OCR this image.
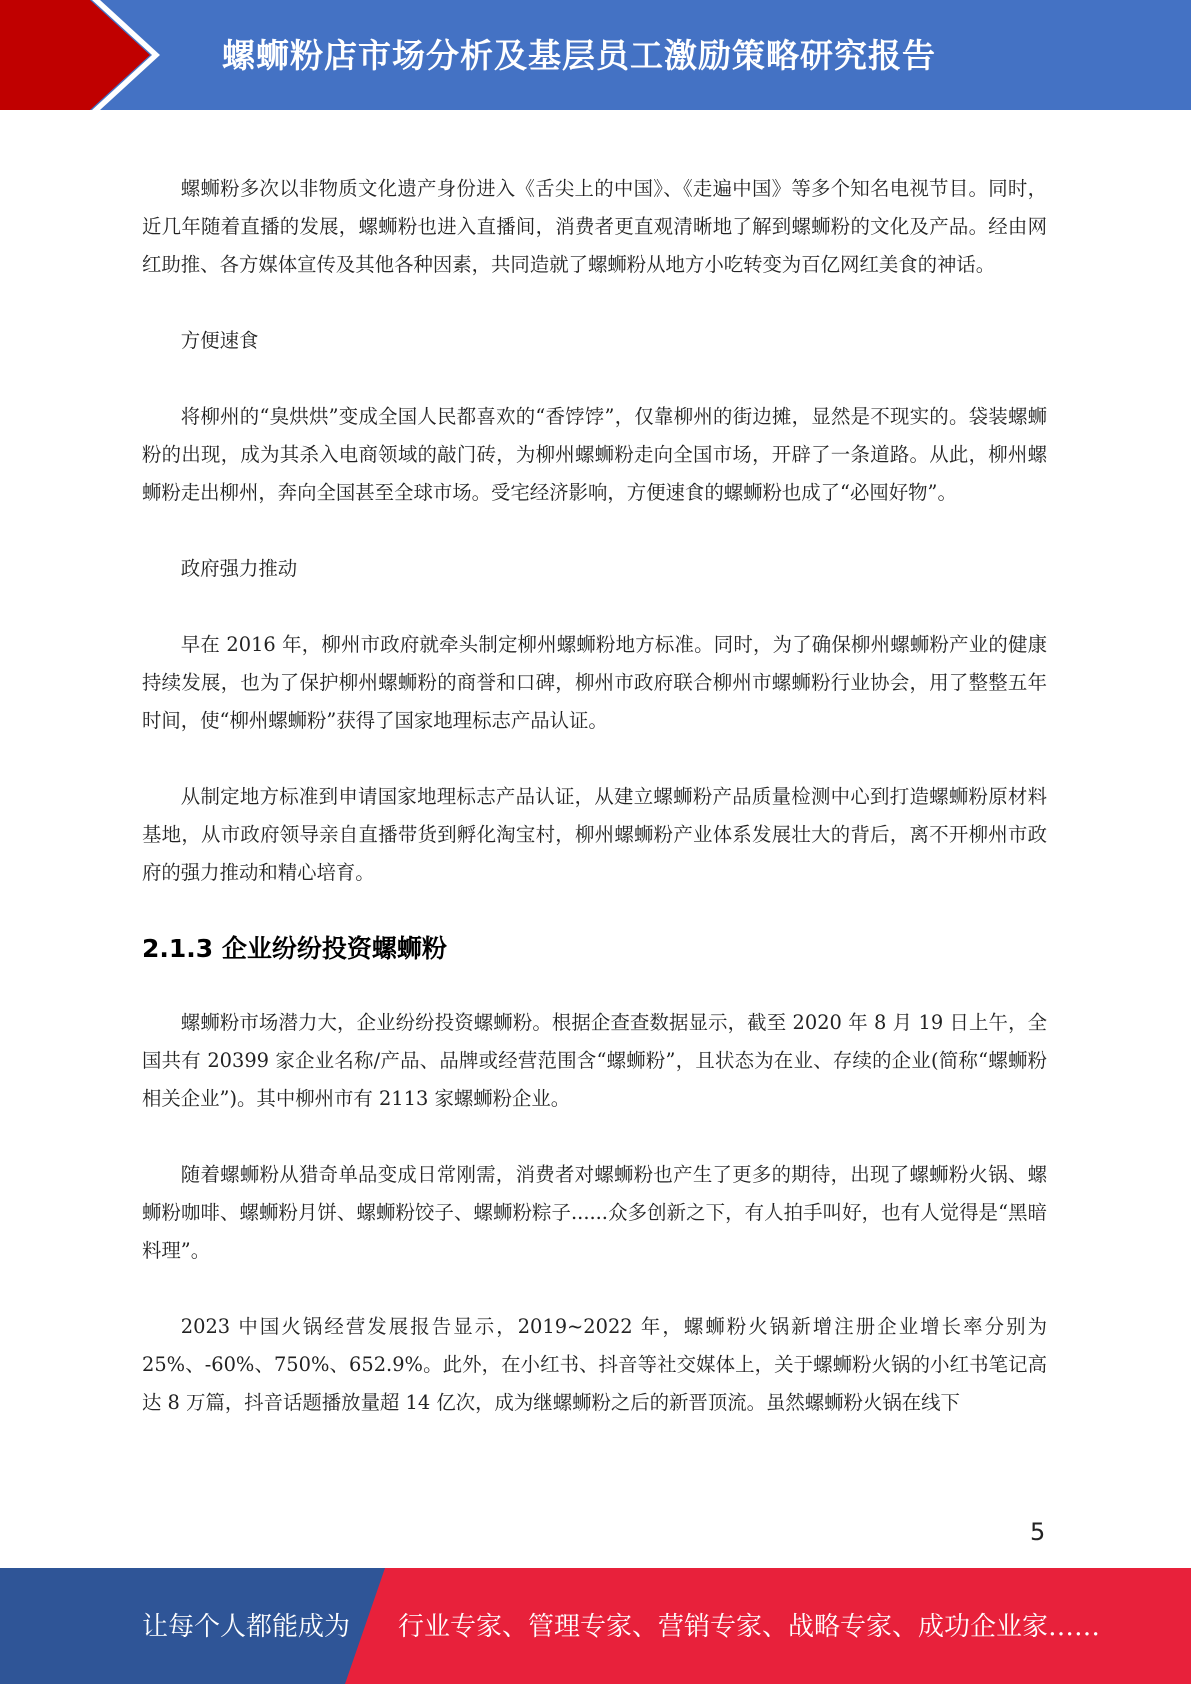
螺蛳粉店市场分析及基层员工激励策略研究报告

螺蛳粉多次以非物质文化遗产身份进入《舌尖上的中国》、《走遍中国》等多个知名电视节目。同时，近几年随着直播的发展，螺蛳粉也进入直播间，消费者更直观清晰地了解到螺蛳粉的文化及产品。经由网红助推、各方媒体宣传及其他各种因素，共同造就了螺蛳粉从地方小吃转变为百亿网红美食的神话。

方便速食

将柳州的“臭烘烘”变成全国人民都喜欢的“香饽饽”，仅靠柳州的街边摊，显然是不现实的。袋装螺蛳粉的出现，成为其杀入电商领域的敲门砖，为柳州螺蛳粉走向全国市场，开辟了一条道路。从此，柳州螺蛳粉走出柳州，奔向全国甚至全球市场。受宅经济影响，方便速食的螺蛳粉也成了“必囤好物”。

政府强力推动

早在 2016 年，柳州市政府就牵头制定柳州螺蛳粉地方标准。同时，为了确保柳州螺蛳粉产业的健康持续发展，也为了保护柳州螺蛳粉的商誉和口碑，柳州市政府联合柳州市螺蛳粉行业协会，用了整整五年时间，使“柳州螺蛳粉”获得了国家地理标志产品认证。

从制定地方标准到申请国家地理标志产品认证，从建立螺蛳粉产品质量检测中心到打造螺蛳粉原材料基地，从市政府领导亲自直播带货到孵化淘宝村，柳州螺蛳粉产业体系发展壮大的背后，离不开柳州市政府的强力推动和精心培育。

2.1.3 企业纷纷投资螺蛳粉

螺蛳粉市场潜力大，企业纷纷投资螺蛳粉。根据企查查数据显示，截至 2020 年 8 月 19 日上午，全国共有 20399 家企业名称/产品、品牌或经营范围含“螺蛳粉”，且状态为在业、存续的企业(简称“螺蛳粉相关企业”)。其中柳州市有 2113 家螺蛳粉企业。

随着螺蛳粉从猎奇单品变成日常刚需，消费者对螺蛳粉也产生了更多的期待，出现了螺蛳粉火锅、螺蛳粉咖啡、螺蛳粉月饼、螺蛳粉饺子、螺蛳粉粽子......众多创新之下，有人拍手叫好，也有人觉得是“黑暗料理”。

2023 中国火锅经营发展报告显示，2019~2022 年，螺蛳粉火锅新增注册企业增长率分别为 25%、-60%、750%、652.9%。此外，在小红书、抖音等社交媒体上，关于螺蛳粉火锅的小红书笔记高达 8 万篇，抖音话题播放量超 14 亿次，成为继螺蛳粉之后的新晋顶流。虽然螺蛳粉火锅在线下

5
让每个人都能成为 行业专家、管理专家、营销专家、战略专家、成功企业家……
